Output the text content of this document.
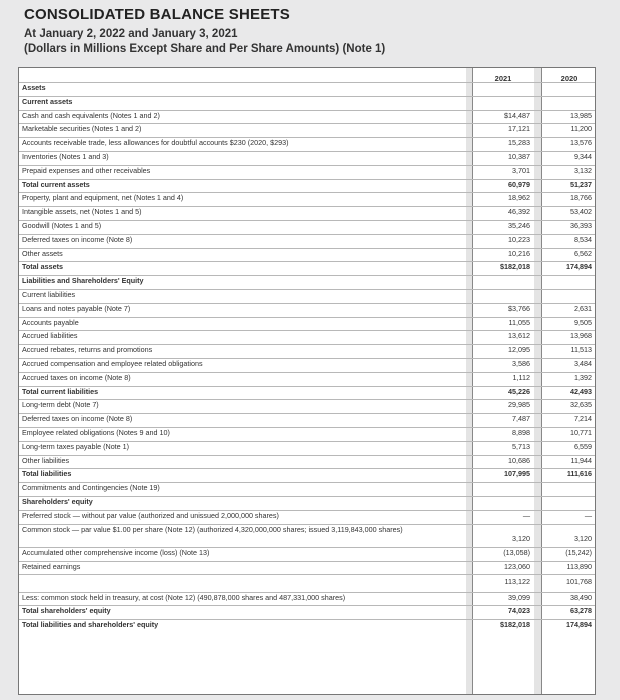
CONSOLIDATED BALANCE SHEETS
At January 2, 2022 and January 3, 2021
(Dollars in Millions Except Share and Per Share Amounts) (Note 1)
2021	2020
Assets
Current assets
Cash and cash equivalents (Notes 1 and 2)	$14,487	13,985
Marketable securities (Notes 1 and 2)	17,121	11,200
Accounts receivable trade, less allowances for doubtful accounts $230 (2020, $293)	15,283	13,576
Inventories (Notes 1 and 3)	10,387	9,344
Prepaid expenses and other receivables	3,701	3,132
Total current assets	60,979	51,237
Property, plant and equipment, net (Notes 1 and 4)	18,962	18,766
Intangible assets, net (Notes 1 and 5)	46,392	53,402
Goodwill (Notes 1 and 5)	35,246	36,393
Deferred taxes on income (Note 8)	10,223	8,534
Other assets	10,216	6,562
Total assets	$182,018	174,894
Liabilities and Shareholders' Equity
Current liabilities
Loans and notes payable (Note 7)	$3,766	2,631
Accounts payable	11,055	9,505
Accrued liabilities	13,612	13,968
Accrued rebates, returns and promotions	12,095	11,513
Accrued compensation and employee related obligations	3,586	3,484
Accrued taxes on income (Note 8)	1,112	1,392
Total current liabilities	45,226	42,493
Long-term debt (Note 7)	29,985	32,635
Deferred taxes on income (Note 8)	7,487	7,214
Employee related obligations (Notes 9 and 10)	8,898	10,771
Long-term taxes payable (Note 1)	5,713	6,559
Other liabilities	10,686	11,944
Total liabilities	107,995	111,616
Commitments and Contingencies (Note 19)
Shareholders' equity
Preferred stock — without par value (authorized and unissued 2,000,000 shares)	—	—
Common stock — par value $1.00 per share (Note 12) (authorized 4,320,000,000 shares; issued 3,119,843,000 shares)
3,120	3,120
Accumulated other comprehensive income (loss) (Note 13)	(13,058)	(15,242)
Retained earnings	123,060	113,890
113,122	101,768
Less: common stock held in treasury, at cost (Note 12) (490,878,000 shares and 487,331,000 shares)	39,099	38,490
Total shareholders' equity	74,023	63,278
Total liabilities and shareholders' equity	$182,018	174,894
